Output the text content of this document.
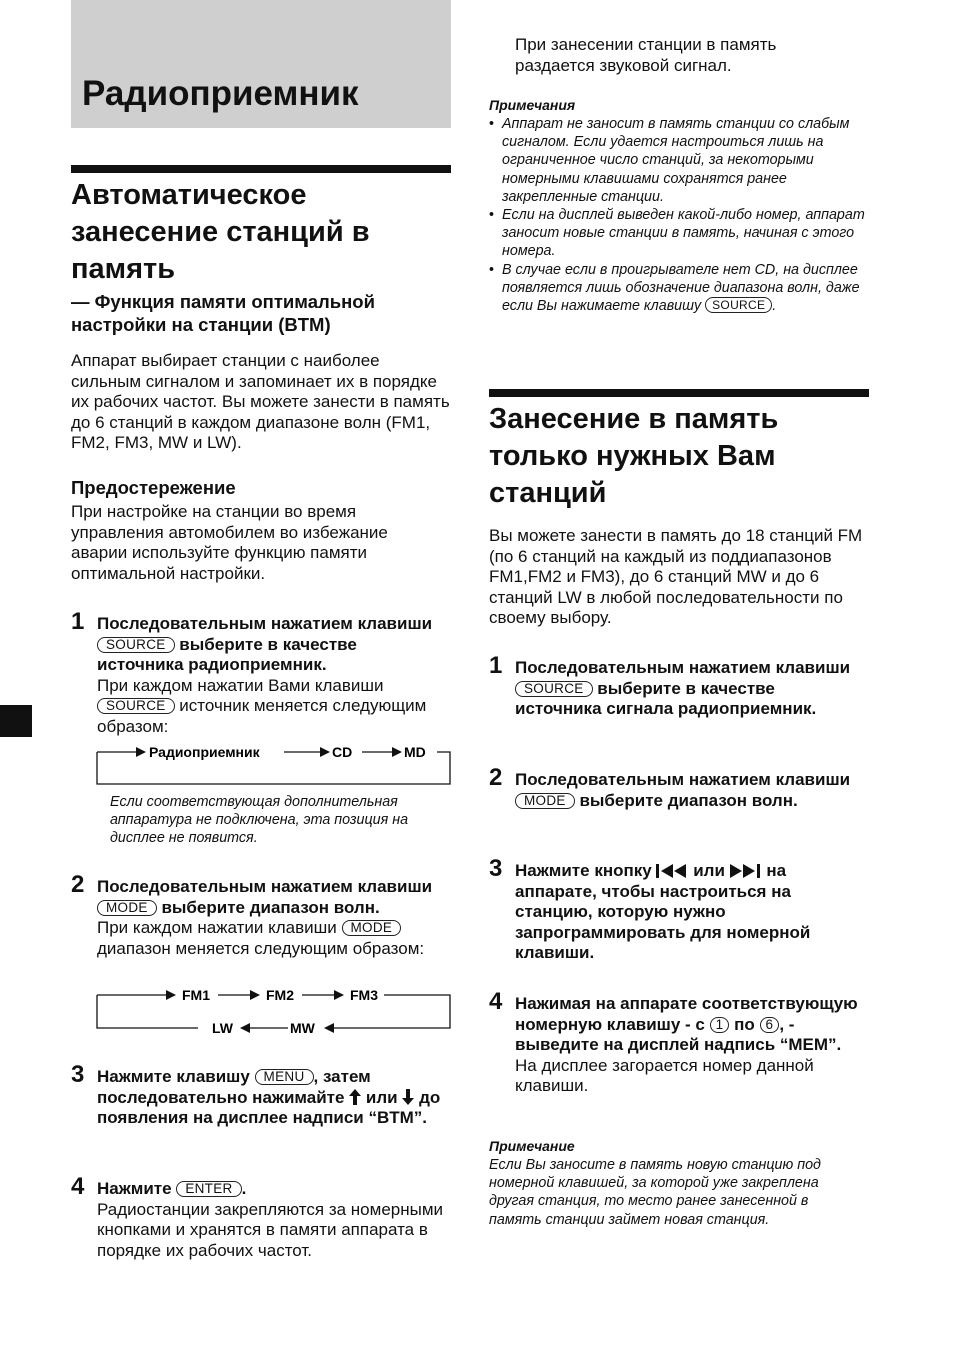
Радиоприемник
Автоматическое занесение станций в память
— Функция памяти оптимальной настройки на станции (BTM)
Аппарат выбирает станции с наиболее сильным сигналом и запоминает их в порядке их рабочих частот. Вы можете занести в память до 6 станций в каждом диапазоне волн (FM1, FM2, FM3, MW и LW).
Предостережение
При настройке на станции во время управления автомобилем во избежание аварии используйте функцию памяти оптимальной настройки.
1 Последовательным нажатием клавиши SOURCE выберите в качестве источника радиоприемник.
При каждом нажатии Вами клавиши SOURCE источник меняется следующим образом:
Радиоприемник	CD	MD
Если соответствующая дополнительная аппаратура не подключена, эта позиция на дисплее не появится.
2 Последовательным нажатием клавиши MODE выберите диапазон волн.
При каждом нажатии клавиши MODE диапазон меняется следующим образом:
FM1	FM2	FM3
LW	MW
3 Нажмите клавишу MENU , затем последовательно нажимайте или до появления на дисплее надписи “BTM”.
4 Нажмите ENTER .
Радиостанции закрепляются за номерными кнопками и хранятся в памяти аппарата в порядке их рабочих частот.
При занесении станции в память раздается звуковой сигнал.
Примечания
• Аппарат не заносит в память станции со слабым сигналом. Если удается настроиться лишь на ограниченное число станций, за некоторыми номерными клавишами сохранятся ранее закрепленные станции.
• Если на дисплей выведен какой-либо номер, аппарат заносит новые станции в память, начиная с этого номера.
• В случае если в проигрывателе нет CD, на дисплее появляется лишь обозначение диапазона волн, даже если Вы нажимаете клавишу SOURCE .
Занесение в память только нужных Вам станций
Вы можете занести в память до 18 станций FM (по 6 станций на каждый из поддиапазонов FM1,FM2 и FM3), до 6 станций MW и до 6 станций LW в любой последовательности по своему выбору.
1 Последовательным нажатием клавиши SOURCE выберите в качестве источника сигнала радиоприемник.
2 Последовательным нажатием клавиши MODE выберите диапазон волн.
3 Нажмите кнопку или на аппарате, чтобы настроиться на станцию, которую нужно запрограммировать для номерной клавиши.
4 Нажимая на аппарате соответствующую номерную клавишу - с 1 по 6 , - выведите на дисплей надпись “MEM”.
На дисплее загорается номер данной клавиши.
Примечание
Если Вы заносите в память новую станцию под номерной клавишей, за которой уже закреплена другая станция, то место ранее занесенной в память станции займет новая станция.
